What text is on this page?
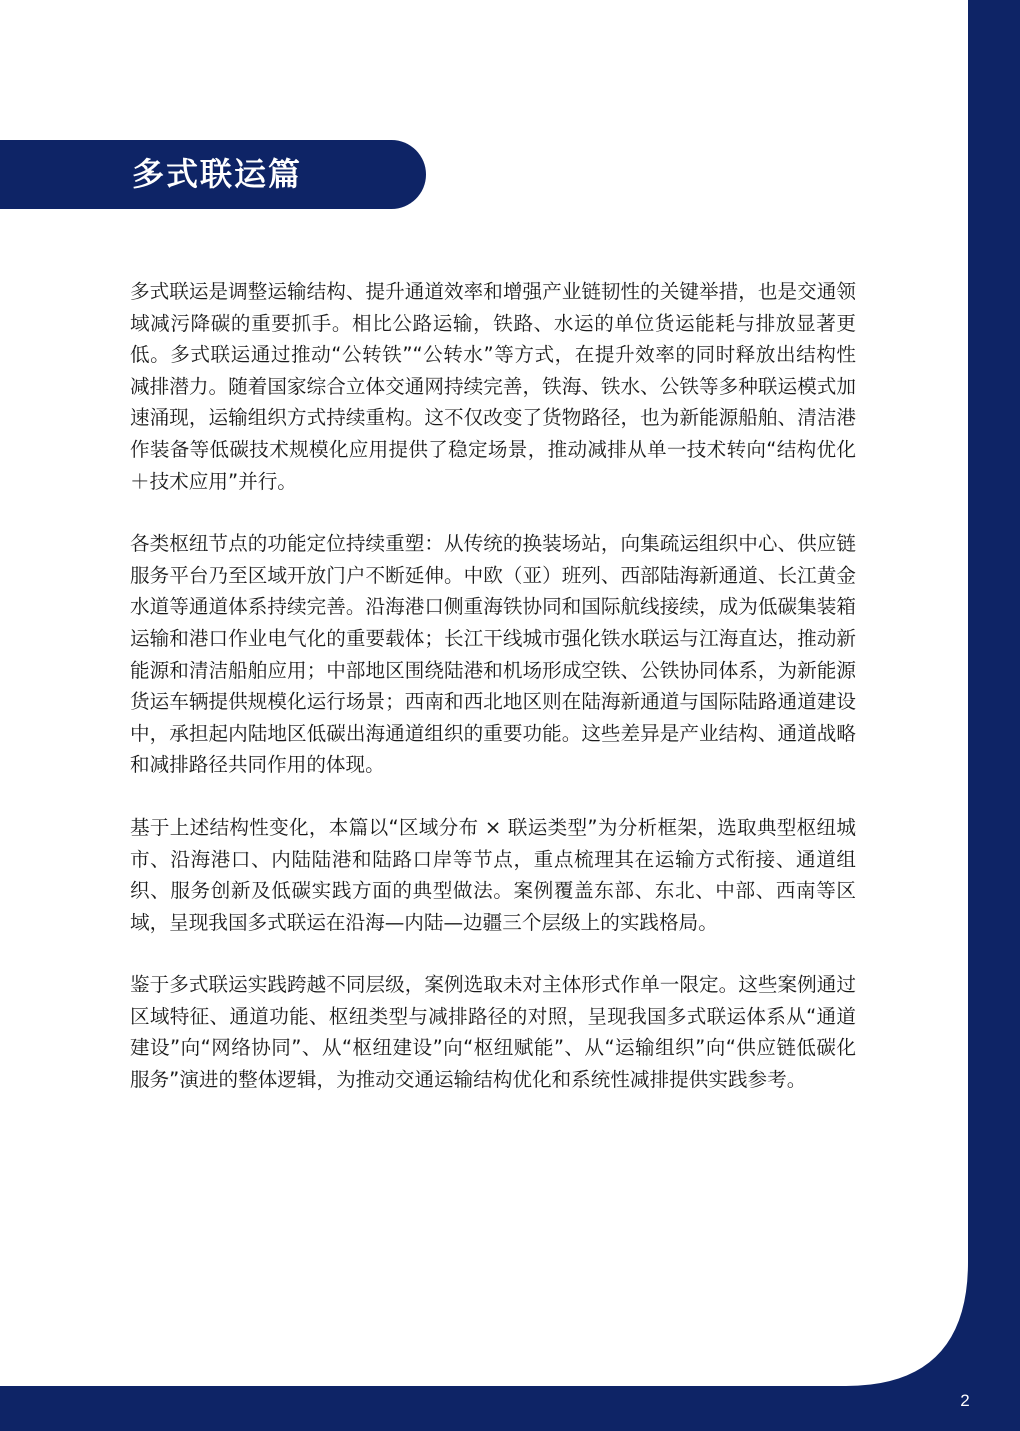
多式联运篇

多式联运是调整运输结构、提升通道效率和增强产业链韧性的关键举措，也是交通领域减污降碳的重要抓手。相比公路运输，铁路、水运的单位货运能耗与排放显著更低。多式联运通过推动“公转铁”“公转水”等方式，在提升效率的同时释放出结构性减排潜力。随着国家综合立体交通网持续完善，铁海、铁水、公铁等多种联运模式加速涌现，运输组织方式持续重构。这不仅改变了货物路径，也为新能源船舶、清洁港作装备等低碳技术规模化应用提供了稳定场景，推动减排从单一技术转向“结构优化＋技术应用”并行。

各类枢纽节点的功能定位持续重塑：从传统的换装场站，向集疏运组织中心、供应链服务平台乃至区域开放门户不断延伸。中欧（亚）班列、西部陆海新通道、长江黄金水道等通道体系持续完善。沿海港口侧重海铁协同和国际航线接续，成为低碳集装箱运输和港口作业电气化的重要载体；长江干线城市强化铁水联运与江海直达，推动新能源和清洁船舶应用；中部地区围绕陆港和机场形成空铁、公铁协同体系，为新能源货运车辆提供规模化运行场景；西南和西北地区则在陆海新通道与国际陆路通道建设中，承担起内陆地区低碳出海通道组织的重要功能。这些差异是产业结构、通道战略和减排路径共同作用的体现。

基于上述结构性变化，本篇以“区域分布 × 联运类型”为分析框架，选取典型枢纽城市、沿海港口、内陆陆港和陆路口岸等节点，重点梳理其在运输方式衔接、通道组织、服务创新及低碳实践方面的典型做法。案例覆盖东部、东北、中部、西南等区域，呈现我国多式联运在沿海—内陆—边疆三个层级上的实践格局。

鉴于多式联运实践跨越不同层级，案例选取未对主体形式作单一限定。这些案例通过区域特征、通道功能、枢纽类型与减排路径的对照，呈现我国多式联运体系从“通道建设”向“网络协同”、从“枢纽建设”向“枢纽赋能”、从“运输组织”向“供应链低碳化服务”演进的整体逻辑，为推动交通运输结构优化和系统性减排提供实践参考。

2
